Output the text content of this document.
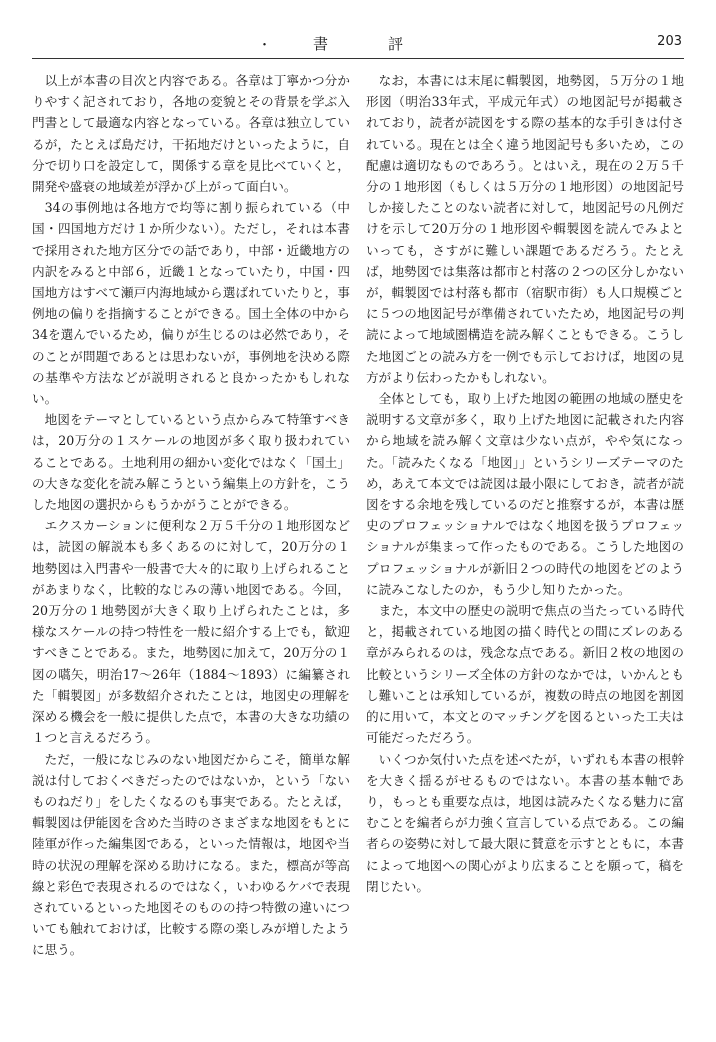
・	書	評	203

以上が本書の目次と内容である。各章は丁寧かつ分かりやすく記されており，各地の変貌とその背景を学ぶ入門書として最適な内容となっている。各章は独立しているが，たとえば島だけ，干拓地だけといったように，自分で切り口を設定して，関係する章を見比べていくと，開発や盛衰の地域差が浮かび上がって面白い。

34の事例地は各地方で均等に割り振られている（中国・四国地方だけ１か所少ない）。ただし，それは本書で採用された地方区分での話であり，中部・近畿地方の内訳をみると中部６，近畿１となっていたり，中国・四国地方はすべて瀬戸内海地域から選ばれていたりと，事例地の偏りを指摘することができる。国土全体の中から34を選んでいるため，偏りが生じるのは必然であり，そのことが問題であるとは思わないが，事例地を決める際の基準や方法などが説明されると良かったかもしれない。

地図をテーマとしているという点からみて特筆すべきは，20万分の１スケールの地図が多く取り扱われていることである。土地利用の細かい変化ではなく「国土」の大きな変化を読み解こうという編集上の方針を，こうした地図の選択からもうかがうことができる。

エクスカーションに便利な２万５千分の１地形図などは，読図の解説本も多くあるのに対して，20万分の１地勢図は入門書や一般書で大々的に取り上げられることがあまりなく，比較的なじみの薄い地図である。今回，20万分の１地勢図が大きく取り上げられたことは，多様なスケールの持つ特性を一般に紹介する上でも，歓迎すべきことである。また，地勢図に加えて，20万分の１図の嚆矢，明治17〜26年（1884〜1893）に編纂された「輯製図」が多数紹介されたことは，地図史の理解を深める機会を一般に提供した点で，本書の大きな功績の１つと言えるだろう。

ただ，一般になじみのない地図だからこそ，簡単な解説は付しておくべきだったのではないか，という「ないものねだり」をしたくなるのも事実である。たとえば，輯製図は伊能図を含めた当時のさまざまな地図をもとに陸軍が作った編集図である，といった情報は，地図や当時の状況の理解を深める助けになる。また，標高が等高線と彩色で表現されるのではなく，いわゆるケバで表現されているといった地図そのものの持つ特徴の違いについても触れておけば，比較する際の楽しみが増したように思う。

なお，本書には末尾に輯製図，地勢図，５万分の１地形図（明治33年式，平成元年式）の地図記号が掲載されており，読者が読図をする際の基本的な手引きは付されている。現在とは全く違う地図記号も多いため，この配慮は適切なものであろう。とはいえ，現在の２万５千分の１地形図（もしくは５万分の１地形図）の地図記号しか接したことのない読者に対して，地図記号の凡例だけを示して20万分の１地形図や輯製図を読んでみよといっても，さすがに難しい課題であるだろう。たとえば，地勢図では集落は都市と村落の２つの区分しかないが，輯製図では村落も都市（宿駅市街）も人口規模ごとに５つの地図記号が準備されていたため，地図記号の判読によって地域圏構造を読み解くこともできる。こうした地図ごとの読み方を一例でも示しておけば，地図の見方がより伝わったかもしれない。

全体としても，取り上げた地図の範囲の地域の歴史を説明する文章が多く，取り上げた地図に記載された内容から地域を読み解く文章は少ない点が，やや気になった。「読みたくなる「地図」」というシリーズテーマのため，あえて本文では読図は最小限にしておき，読者が読図をする余地を残しているのだと推察するが，本書は歴史のプロフェッショナルではなく地図を扱うプロフェッショナルが集まって作ったものである。こうした地図のプロフェッショナルが新旧２つの時代の地図をどのように読みこなしたのか，もう少し知りたかった。

また，本文中の歴史の説明で焦点の当たっている時代と，掲載されている地図の描く時代との間にズレのある章がみられるのは，残念な点である。新旧２枚の地図の比較というシリーズ全体の方針のなかでは，いかんともし難いことは承知しているが，複数の時点の地図を割図的に用いて，本文とのマッチングを図るといった工夫は可能だっただろう。

いくつか気付いた点を述べたが，いずれも本書の根幹を大きく揺るがせるものではない。本書の基本軸であり，もっとも重要な点は，地図は読みたくなる魅力に富むことを編者らが力強く宣言している点である。この編者らの姿勢に対して最大限に賛意を示すとともに，本書によって地図への関心がより広まることを願って，稿を閉じたい。
